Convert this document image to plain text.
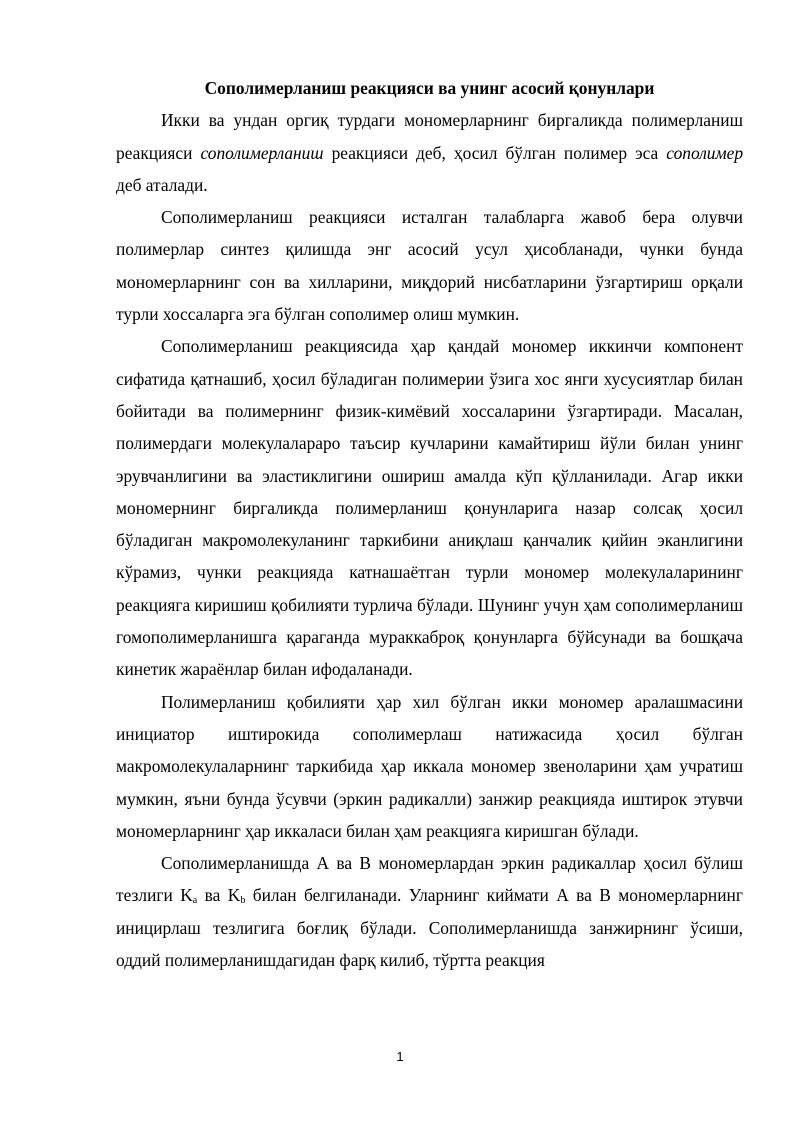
Сополимерланиш реакцияси ва унинг асосий қонунлари

Икки ва ундан оргиқ турдаги мономерларнинг биргаликда полимерланиш реакцияси сополимерланиш реакцияси деб, ҳосил бўлган полимер эса сополимер деб аталади.

Сополимерланиш реакцияси исталган талабларга жавоб бера олувчи полимерлар синтез қилишда энг асосий усул ҳисобланади, чунки бунда мономерларнинг сон ва хилларини, миқдорий нисбатларини ўзгартириш орқали турли хоссаларга эга бўлган сополимер олиш мумкин.

Сополимерланиш реакциясида ҳар қандай мономер иккинчи компонент сифатида қатнашиб, ҳосил бўладиган полимерии ўзига хос янги хусусиятлар билан бойитади ва полимернинг физик-кимёвий хоссаларини ўзгартиради. Масалан, полимердаги молекулалараро таъсир кучларини камайтириш йўли билан унинг эрувчанлигини ва эластиклигини ошириш амалда кўп қўлланилади. Агар икки мономернинг биргаликда полимерланиш қонунларига назар солсақ ҳосил бўладиган макромолекуланинг таркибини аниқлаш қанчалик қийин эканлигини кўрамиз, чунки реакцияда катнашаётган турли мономер молекулаларининг реакцияга киришиш қобилияти турлича бўлади. Шунинг учун ҳам сополимерланиш гомополимерланишга қараганда мураккаброқ қонунларга бўйсунади ва бошқача кинетик жараёнлар билан ифодаланади.

Полимерланиш қобилияти ҳар хил бўлган икки мономер аралашмасини инициатор иштирокида сополимерлаш натижасида ҳосил бўлган макромолекулаларнинг таркибида ҳар иккала мономер звеноларини ҳам учратиш мумкин, яъни бунда ўсувчи (эркин радикалли) занжир реакцияда иштирок этувчи мономерларнинг ҳар иккаласи билан ҳам реакцияга киришган бўлади.

Сополимерланишда А ва В мономерлардан эркин радикаллар ҳосил бўлиш тезлиги $K_a$ ва $K_b$ билан белгиланади. Уларнинг киймати А ва В мономерларнинг иницирлаш тезлигига боғлиқ бўлади. Сополимерланишда занжирнинг ўсиши, оддий полимерланишдагидан фарқ килиб, тўртта реакция

1
